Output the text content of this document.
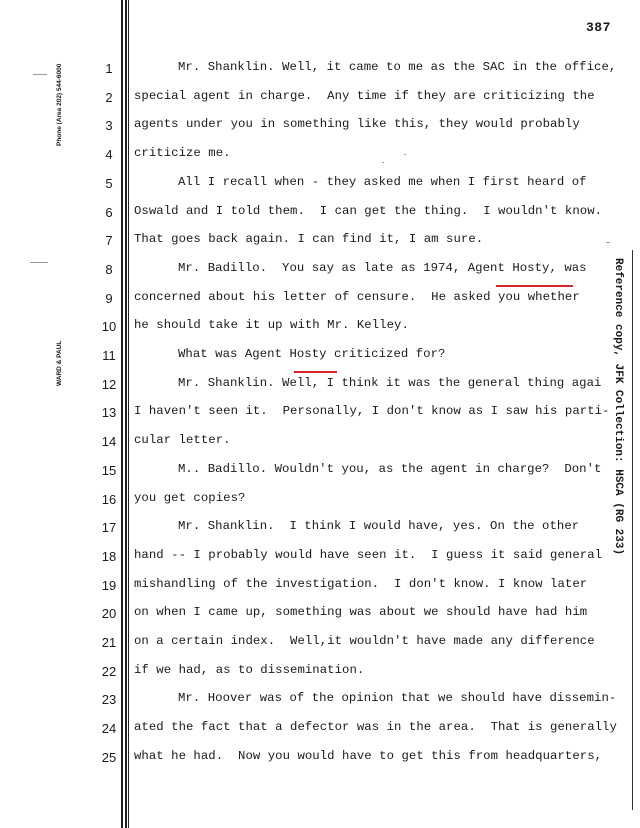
387
Phone (Area 202) 544-6000
WARD & PAUL	Reference copy, JFK Collection: HSCA (RG 233)
1
2
3
4
5
6
7
8
9
10
11
12
13
14
15
16
17
18
19
20
21
22
23
24
25
Mr. Shanklin. Well, it came to me as the SAC in the office,
special agent in charge.  Any time if they are criticizing the
agents under you in something like this, they would probably
criticize me.
All I recall when - they asked me when I first heard of
Oswald and I told them.  I can get the thing.  I wouldn't know.
That goes back again. I can find it, I am sure.
Mr. Badillo.  You say as late as 1974, Agent Hosty, was
concerned about his letter of censure.  He asked you whether
he should take it up with Mr. Kelley.
What was Agent Hosty criticized for?
Mr. Shanklin. Well, I think it was the general thing agai
I haven't seen it.  Personally, I don't know as I saw his parti-
cular letter.
M.. Badillo. Wouldn't you, as the agent in charge?  Don't
you get copies?
Mr. Shanklin.  I think I would have, yes. On the other
hand -- I probably would have seen it.  I guess it said general
mishandling of the investigation.  I don't know. I know later
on when I came up, something was about we should have had him
on a certain index.  Well,it wouldn't have made any difference
if we had, as to dissemination.
Mr. Hoover was of the opinion that we should have dissemin-
ated the fact that a defector was in the area.  That is generally
what he had.  Now you would have to get this from headquarters,
